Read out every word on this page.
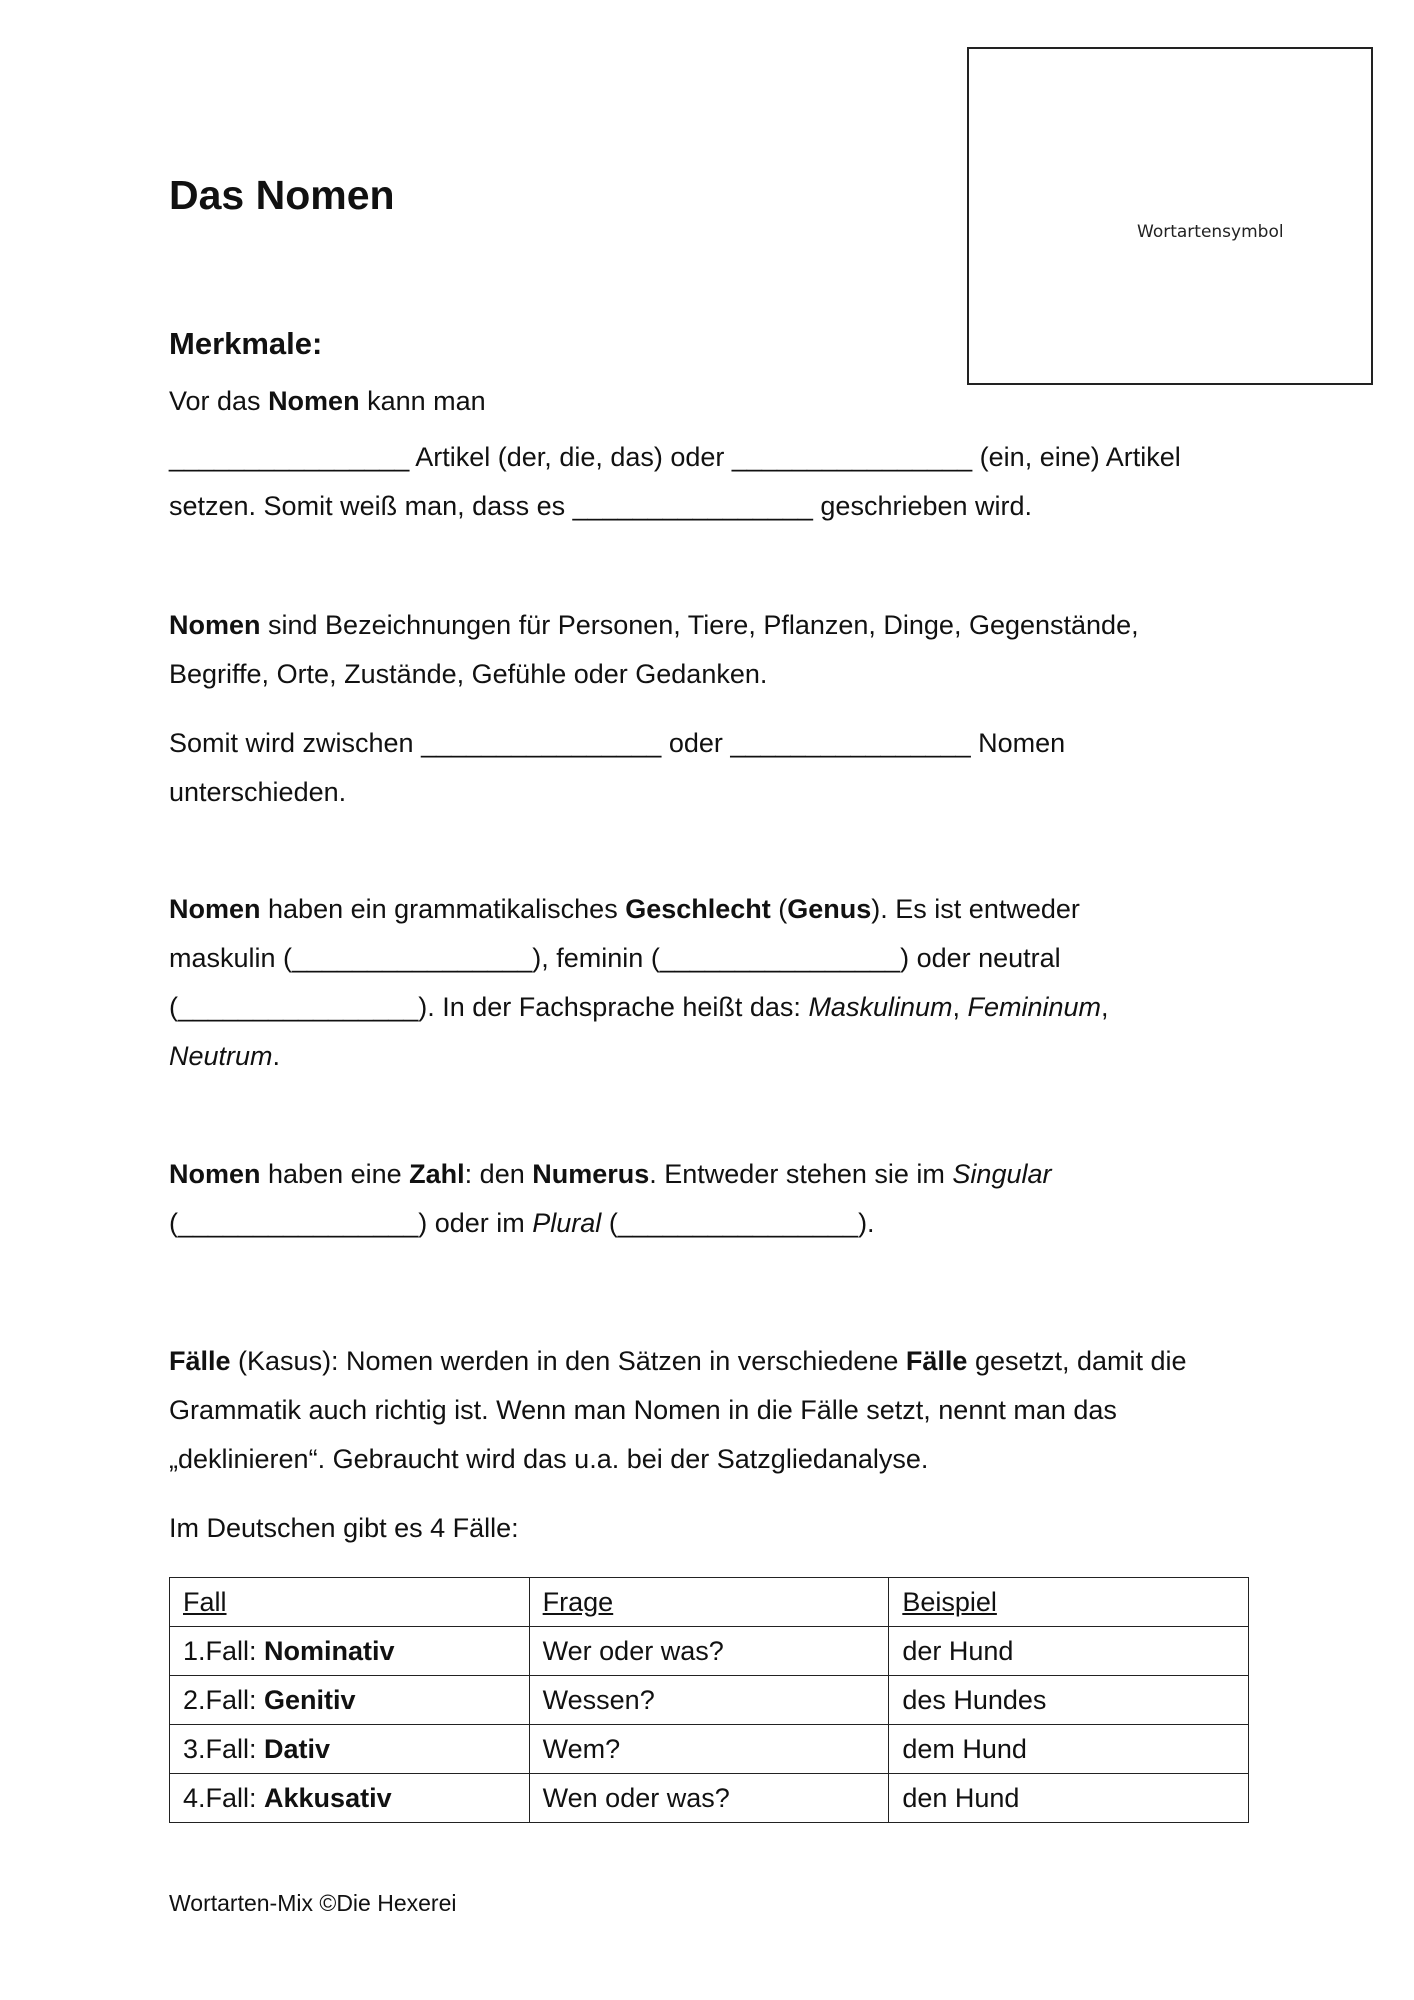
Das Nomen
Wortartensymbol
Merkmale:
Vor das Nomen kann man
________________ Artikel (der, die, das) oder ________________ (ein, eine) Artikel
setzen. Somit weiß man, dass es ________________ geschrieben wird.
Nomen sind Bezeichnungen für Personen, Tiere, Pflanzen, Dinge, Gegenstände,
Begriffe, Orte, Zustände, Gefühle oder Gedanken.
Somit wird zwischen ________________ oder ________________ Nomen
unterschieden.
Nomen haben ein grammatikalisches Geschlecht (Genus). Es ist entweder
maskulin (________________), feminin (________________) oder neutral
(________________). In der Fachsprache heißt das: Maskulinum, Femininum,
Neutrum.
Nomen haben eine Zahl: den Numerus. Entweder stehen sie im Singular
(________________) oder im Plural (________________).
Fälle (Kasus): Nomen werden in den Sätzen in verschiedene Fälle gesetzt, damit die
Grammatik auch richtig ist. Wenn man Nomen in die Fälle setzt, nennt man das
„deklinieren“. Gebraucht wird das u.a. bei der Satzgliedanalyse.
Im Deutschen gibt es 4 Fälle:
Fall	Frage	Beispiel
1.Fall: Nominativ	Wer oder was?	der Hund
2.Fall: Genitiv	Wessen?	des Hundes
3.Fall: Dativ	Wem?	dem Hund
4.Fall: Akkusativ	Wen oder was?	den Hund
Wortarten-Mix ©Die Hexerei
